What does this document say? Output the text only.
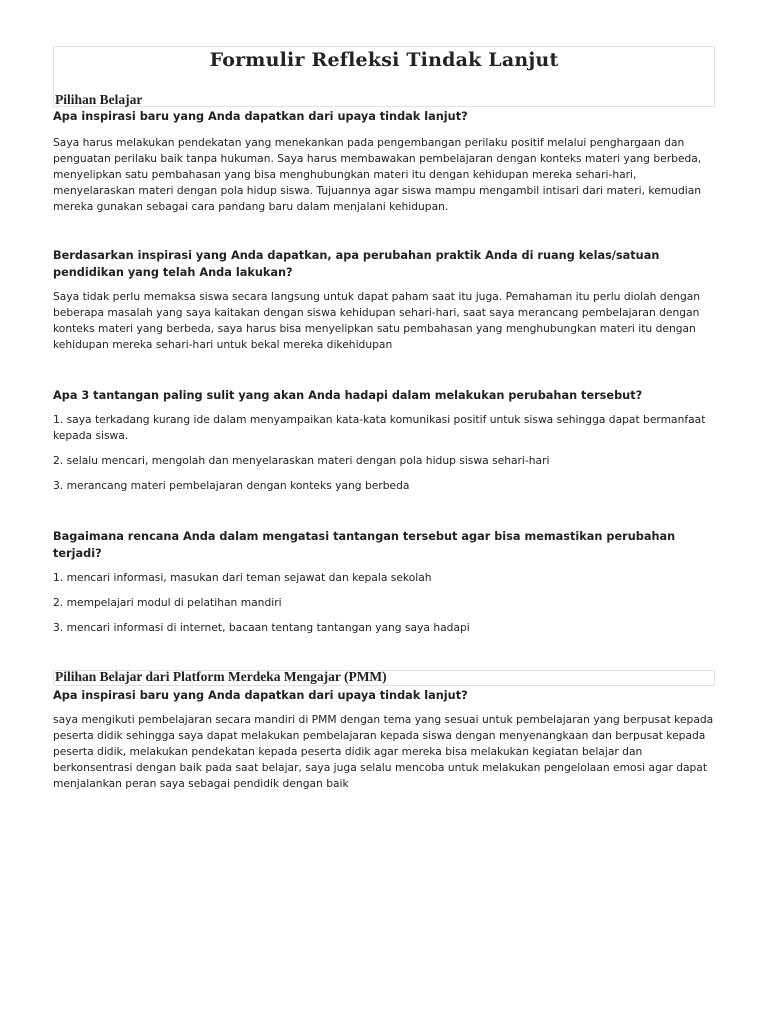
Formulir Refleksi Tindak Lanjut
Pilihan Belajar

Apa inspirasi baru yang Anda dapatkan dari upaya tindak lanjut?

Saya harus melakukan pendekatan yang menekankan pada pengembangan perilaku positif melalui penghargaan dan penguatan perilaku baik tanpa hukuman. Saya harus membawakan pembelajaran dengan konteks materi yang berbeda, menyelipkan satu pembahasan yang bisa menghubungkan materi itu dengan kehidupan mereka sehari-hari, menyelaraskan materi dengan pola hidup siswa. Tujuannya agar siswa mampu mengambil intisari dari materi, kemudian mereka gunakan sebagai cara pandang baru dalam menjalani kehidupan.

Berdasarkan inspirasi yang Anda dapatkan, apa perubahan praktik Anda di ruang kelas/satuan pendidikan yang telah Anda lakukan?

Saya tidak perlu memaksa siswa secara langsung untuk dapat paham saat itu juga. Pemahaman itu perlu diolah dengan beberapa masalah yang saya kaitakan dengan siswa kehidupan sehari-hari, saat saya merancang pembelajaran dengan konteks materi yang berbeda, saya harus bisa menyelipkan satu pembahasan yang menghubungkan materi itu dengan kehidupan mereka sehari-hari untuk bekal mereka dikehidupan

Apa 3 tantangan paling sulit yang akan Anda hadapi dalam melakukan perubahan tersebut?

1. saya terkadang kurang ide dalam menyampaikan kata-kata komunikasi positif untuk siswa sehingga dapat bermanfaat kepada siswa.
2. selalu mencari, mengolah dan menyelaraskan materi dengan pola hidup siswa sehari-hari
3. merancang materi pembelajaran dengan konteks yang berbeda

Bagaimana rencana Anda dalam mengatasi tantangan tersebut agar bisa memastikan perubahan terjadi?

1. mencari informasi, masukan dari teman sejawat dan kepala sekolah
2. mempelajari modul di pelatihan mandiri
3. mencari informasi di internet, bacaan tentang tantangan yang saya hadapi
Pilihan Belajar dari Platform Merdeka Mengajar (PMM)

Apa inspirasi baru yang Anda dapatkan dari upaya tindak lanjut?

saya mengikuti pembelajaran secara mandiri di PMM dengan tema yang sesuai untuk pembelajaran yang berpusat kepada peserta didik sehingga saya dapat melakukan pembelajaran kepada siswa dengan menyenangkaan dan berpusat kepada peserta didik, melakukan pendekatan kepada peserta didik agar mereka bisa melakukan kegiatan belajar dan berkonsentrasi dengan baik pada saat belajar, saya juga selalu mencoba untuk melakukan pengelolaan emosi agar dapat menjalankan peran saya sebagai pendidik dengan baik
